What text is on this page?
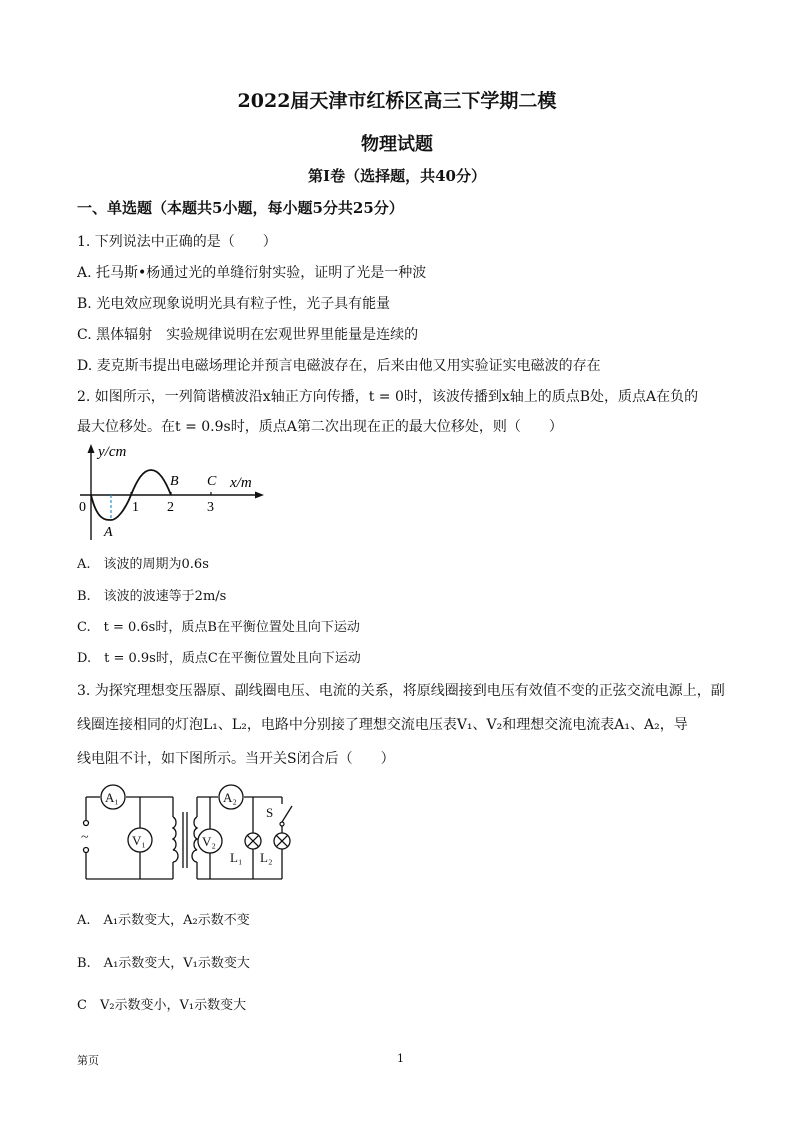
2022届天津市红桥区高三下学期二模
物理试题
第Ⅰ卷（选择题，共40分）
一、单选题（本题共5小题，每小题5分共25分）
1. 下列说法中正确的是（　　）
A. 托马斯•杨通过光的单缝衍射实验，证明了光是一种波
B. 光电效应现象说明光具有粒子性，光子具有能量
C. 黑体辐射　实验规律说明在宏观世界里能量是连续的
D. 麦克斯韦提出电磁场理论并预言电磁波存在，后来由他又用实验证实电磁波的存在
2. 如图所示，一列简谐横波沿x轴正方向传播，t = 0时，该波传播到x轴上的质点B处，质点A在负的
最大位移处。在t = 0.9s时，质点A第二次出现在正的最大位移处，则（　　）
y/cm
x/m
0	1 2 3
A
B C
A.　该波的周期为0.6s
B.　该波的波速等于2m/s
C.　t = 0.6s时，质点B在平衡位置处且向下运动
D.　t = 0.9s时，质点C在平衡位置处且向下运动
3. 为探究理想变压器原、副线圈电压、电流的关系，将原线圈接到电压有效值不变的正弦交流电源上，副
线圈连接相同的灯泡L₁、L₂，电路中分别接了理想交流电压表V₁、V₂和理想交流电流表A₁、A₂，导
线电阻不计，如下图所示。当开关S闭合后（　　）
A₁
V₁
A₂
V₂
L₁ L₂
S
~
A.　A₁示数变大，A₂示数不变
B.　A₁示数变大，V₁示数变大
C　V₂示数变小，V₁示数变大
第页	1
